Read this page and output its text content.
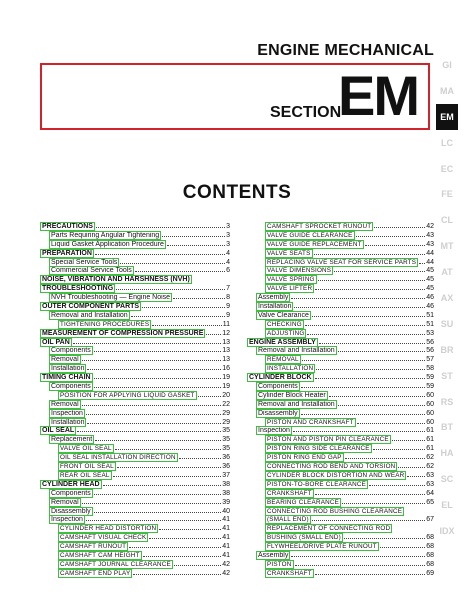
ENGINE MECHANICAL
SECTION
EM	GI
MA
EM
LC
EC
FE
CL
MT
AT
AX
SU
BR
ST
RS
BT
HA
SC
EL
IDX
CONTENTS
PRECAUTIONS	3
Parts Requiring Angular Tightening	3
Liquid Gasket Application Procedure	3
PREPARATION	4
Special Service Tools	4
Commercial Service Tools	6
NOISE, VIBRATION AND HARSHNESS (NVH)
TROUBLESHOOTING	7
NVH Troubleshooting — Engine Noise	8
OUTER COMPONENT PARTS	9
Removal and Installation	9
TIGHTENING PROCEDURES	11
MEASUREMENT OF COMPRESSION PRESSURE	12
OIL PAN	13
Components	13
Removal	13
Installation	16
TIMING CHAIN	19
Components	19
POSITION FOR APPLYING LIQUID GASKET	20
Removal	22
Inspection	29
Installation	29
OIL SEAL	35
Replacement	35
VALVE OIL SEAL	35
OIL SEAL INSTALLATION DIRECTION	36
FRONT OIL SEAL	36
REAR OIL SEAL	37
CYLINDER HEAD	38
Components	38
Removal	39
Disassembly	40
Inspection	41
CYLINDER HEAD DISTORTION	41
CAMSHAFT VISUAL CHECK	41
CAMSHAFT RUNOUT	41
CAMSHAFT CAM HEIGHT	41
CAMSHAFT JOURNAL CLEARANCE	42
CAMSHAFT END PLAY	42
CAMSHAFT SPROCKET RUNOUT	42
VALVE GUIDE CLEARANCE	43
VALVE GUIDE REPLACEMENT	43
VALVE SEATS	44
REPLACING VALVE SEAT FOR SERVICE PARTS 44
VALVE DIMENSIONS	45
VALVE SPRING	45
VALVE LIFTER	45
Assembly	46
Installation	46
Valve Clearance	51
CHECKING	51
ADJUSTING	53
ENGINE ASSEMBLY	56
Removal and Installation	56
REMOVAL	57
INSTALLATION	58
CYLINDER BLOCK	59
Components	59
Cylinder Block Heater	60
Removal and Installation	60
Disassembly	60
PISTON AND CRANKSHAFT	60
Inspection	61
PISTON AND PISTON PIN CLEARANCE	61
PISTON RING SIDE CLEARANCE	61
PISTON RING END GAP	62
CONNECTING ROD BEND AND TORSION	62
CYLINDER BLOCK DISTORTION AND WEAR	63
PISTON-TO-BORE CLEARANCE	63
CRANKSHAFT	64
BEARING CLEARANCE	65
CONNECTING ROD BUSHING CLEARANCE
(SMALL END)	67
REPLACEMENT OF CONNECTING ROD
BUSHING (SMALL END)	68
FLYWHEEL/DRIVE PLATE RUNOUT	68
Assembly	68
PISTON	68
CRANKSHAFT	69
